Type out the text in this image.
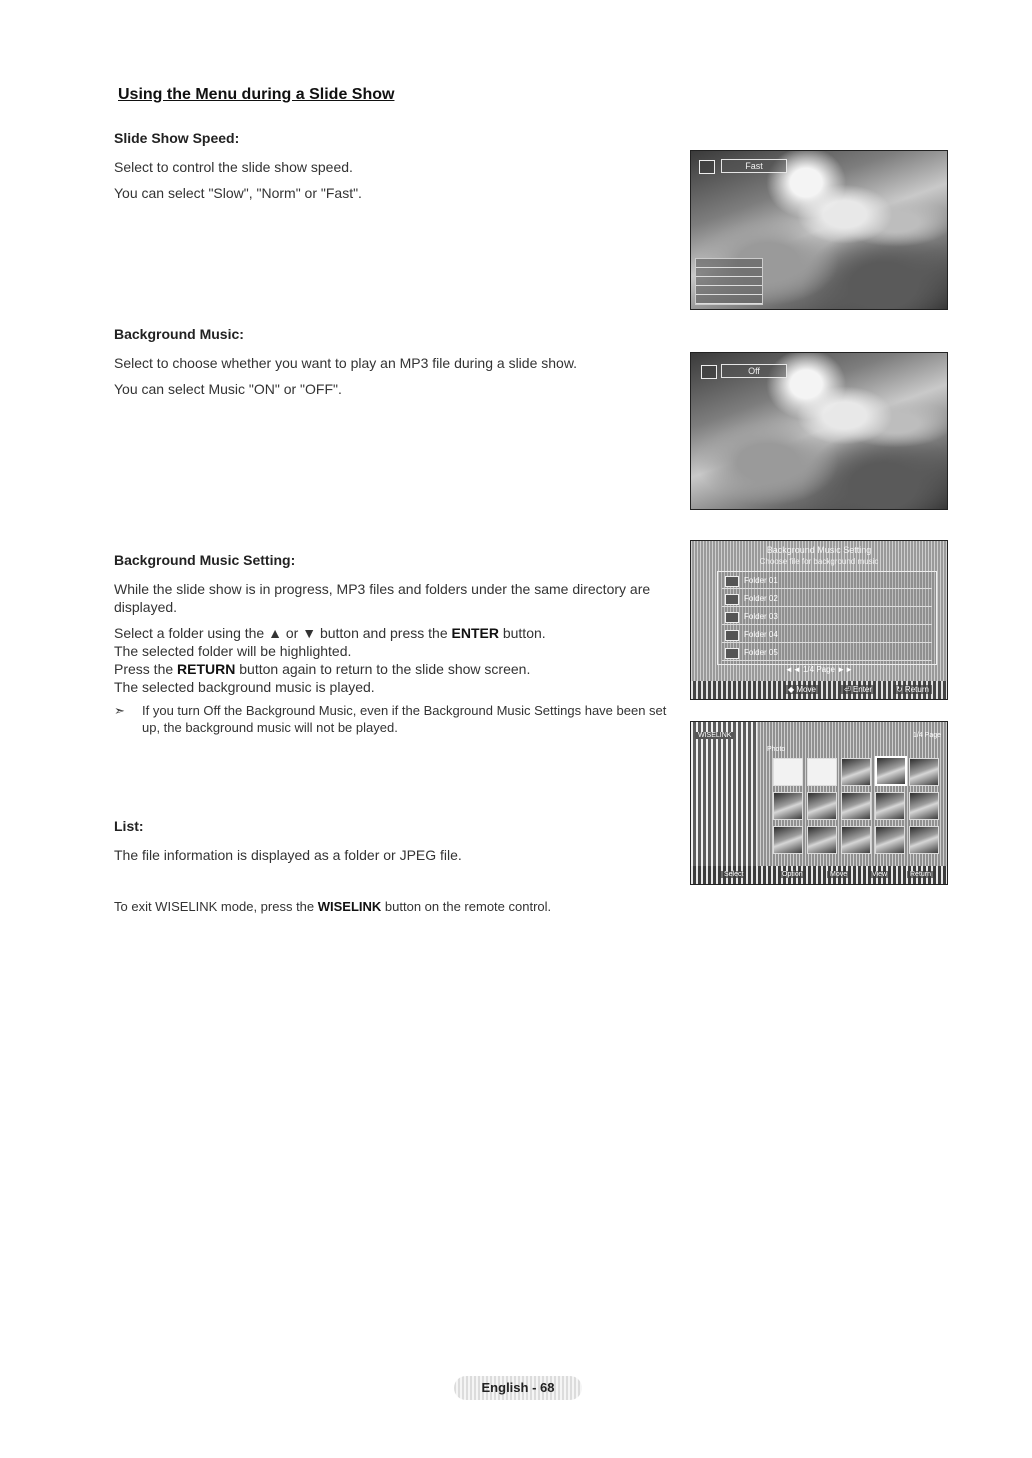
Using the Menu during a Slide Show
Slide Show Speed:
Select to control the slide show speed.
You can select "Slow", "Norm" or "Fast".
Fast
Background Music:
Select to choose whether you want to play an MP3 file during a slide show.
You can select Music "ON" or "OFF".
Off
Background Music Setting:
While the slide show is in progress, MP3 files and folders under the same directory are displayed.
Select a folder using the ▲ or ▼ button and press the ENTER button.
The selected folder will be highlighted.
Press the RETURN button again to return to the slide show screen.
The selected background music is played.
➣ If you turn Off the Background Music, even if the Background Music Settings have been set up, the background music will not be played.
Background Music Setting
Choose file for background music
Folder 01
Folder 02
Folder 03
Folder 04
Folder 05
◄◄ 1/4 Page ►►
◆ Move	⏎ Enter	↻ Return
List:
The file information is displayed as a folder or JPEG file.
WISELINK	1/4 Page
Photo
Select	Option	Move	View	Return
To exit WISELINK mode, press the WISELINK button on the remote control.
English - 68
